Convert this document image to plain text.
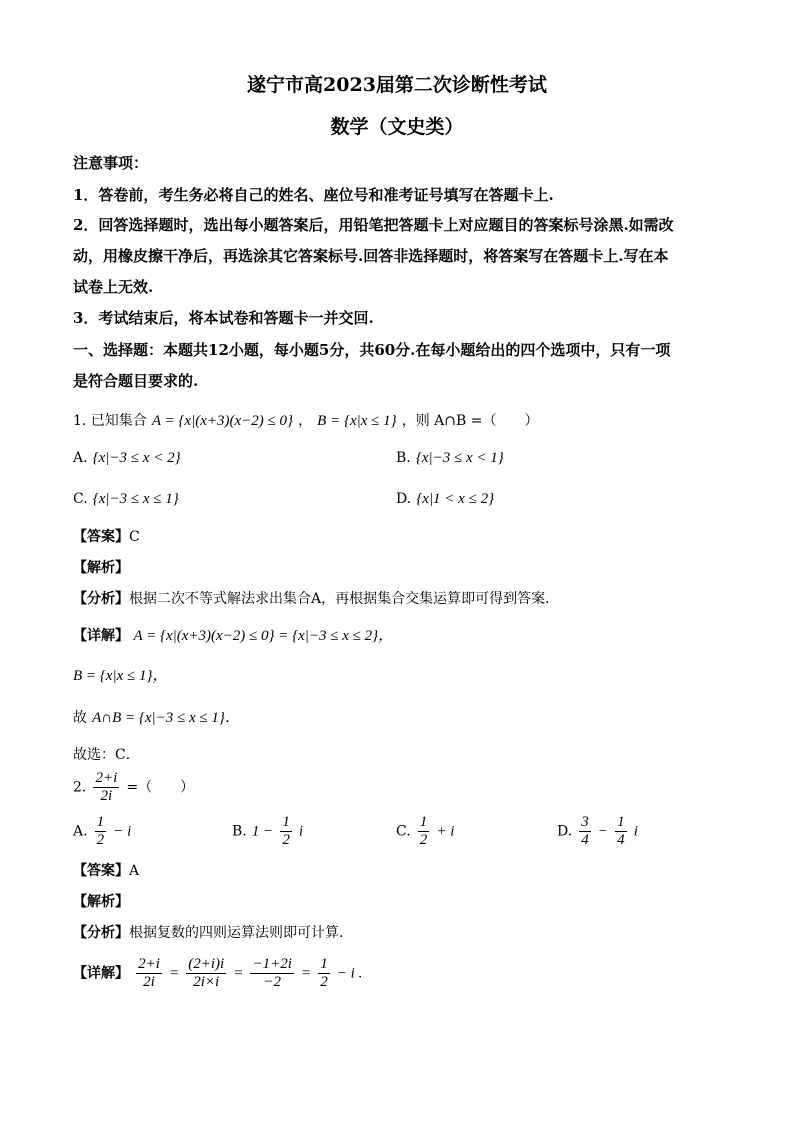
遂宁市高2023届第二次诊断性考试
数学（文史类）
注意事项：
1．答卷前，考生务必将自己的姓名、座位号和准考证号填写在答题卡上.
2．回答选择题时，选出每小题答案后，用铅笔把答题卡上对应题目的答案标号涂黑.如需改
动，用橡皮擦干净后，再选涂其它答案标号.回答非选择题时，将答案写在答题卡上.写在本
试卷上无效.
3．考试结束后，将本试卷和答题卡一并交回.
一、选择题：本题共12小题，每小题5分，共60分.在每小题给出的四个选项中，只有一项
是符合题目要求的.
1. 已知集合 A = {x|(x+3)(x−2) ≤ 0} ， B = {x|x ≤ 1} ，则 A∩B =（　　）
A. {x|−3 ≤ x < 2}	B. {x|−3 ≤ x < 1}
C. {x|−3 ≤ x ≤ 1}	D. {x|1 < x ≤ 2}
【答案】C
【解析】
【分析】根据二次不等式解法求出集合A，再根据集合交集运算即可得到答案．
【详解】 A = {x|(x+3)(x−2) ≤ 0} = {x|−3 ≤ x ≤ 2}，
B = {x|x ≤ 1}，
故 A∩B = {x|−3 ≤ x ≤ 1}．
故选：C．
2. $\frac{2+i}{2i}$ =（　　）
A. $\frac{1}{2} - i$	B. $1 - \frac{1}{2}$ i	C. $\frac{1}{2} + i$	D. $\frac{3}{4} - \frac{1}{4}$ i
【答案】A
【解析】
【分析】根据复数的四则运算法则即可计算.
【详解】 $\frac{2+i}{2i} = \frac{(2+i)i}{2i\times i} = \frac{-1+2i}{-2} = \frac{1}{2} - i$ .
